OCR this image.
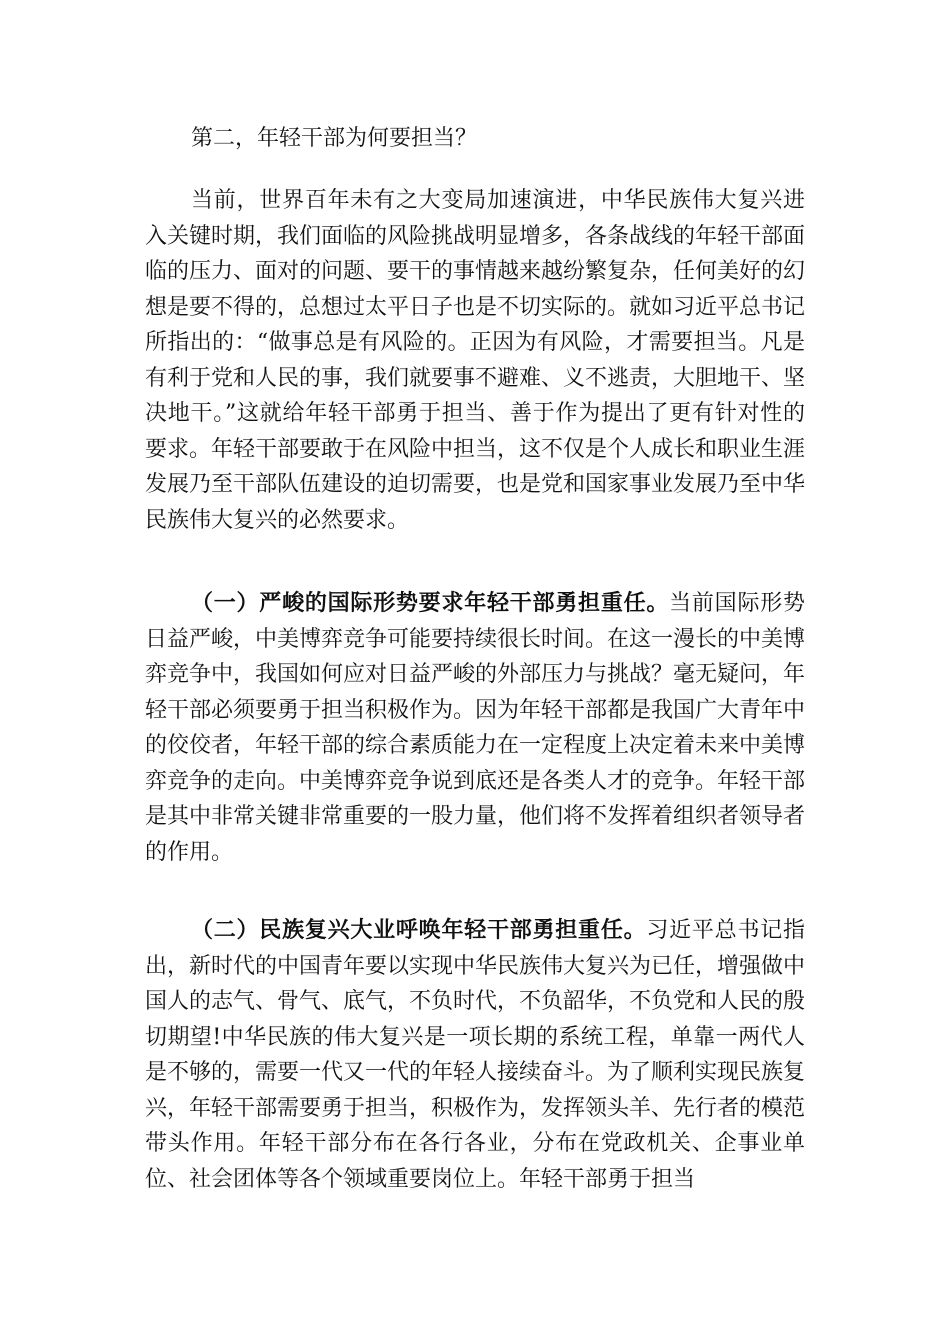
第二，年轻干部为何要担当？

当前，世界百年未有之大变局加速演进，中华民族伟大复兴进入关键时期，我们面临的风险挑战明显增多，各条战线的年轻干部面临的压力、面对的问题、要干的事情越来越纷繁复杂，任何美好的幻想是要不得的，总想过太平日子也是不切实际的。就如习近平总书记所指出的：“做事总是有风险的。正因为有风险，才需要担当。凡是有利于党和人民的事，我们就要事不避难、义不逃责，大胆地干、坚决地干。”这就给年轻干部勇于担当、善于作为提出了更有针对性的要求。年轻干部要敢于在风险中担当，这不仅是个人成长和职业生涯发展乃至干部队伍建设的迫切需要，也是党和国家事业发展乃至中华民族伟大复兴的必然要求。

（一）严峻的国际形势要求年轻干部勇担重任。当前国际形势日益严峻，中美博弈竞争可能要持续很长时间。在这一漫长的中美博弈竞争中，我国如何应对日益严峻的外部压力与挑战？毫无疑问，年轻干部必须要勇于担当积极作为。因为年轻干部都是我国广大青年中的佼佼者，年轻干部的综合素质能力在一定程度上决定着未来中美博弈竞争的走向。中美博弈竞争说到底还是各类人才的竞争。年轻干部是其中非常关键非常重要的一股力量，他们将不发挥着组织者领导者的作用。

（二）民族复兴大业呼唤年轻干部勇担重任。习近平总书记指出，新时代的中国青年要以实现中华民族伟大复兴为已任，增强做中国人的志气、骨气、底气，不负时代，不负韶华，不负党和人民的殷切期望!中华民族的伟大复兴是一项长期的系统工程，单靠一两代人是不够的，需要一代又一代的年轻人接续奋斗。为了顺利实现民族复兴，年轻干部需要勇于担当，积极作为，发挥领头羊、先行者的模范带头作用。年轻干部分布在各行各业，分布在党政机关、企事业单位、社会团体等各个领域重要岗位上。年轻干部勇于担当
